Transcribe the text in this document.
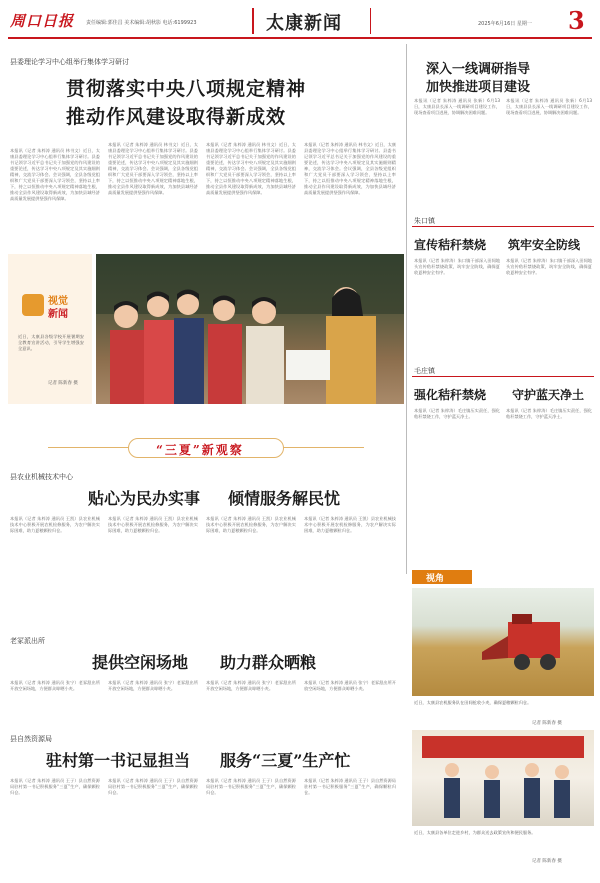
周口日报 责任编辑:郭佳昌 美术编辑:胡秋影 电话:6199923	太康新闻	2025年6月16日 星期一 3
县委理论学习中心组举行集体学习研讨
贯彻落实中央八项规定精神
推动作风建设取得新成效
本报讯（记者 朱梓涛 通讯员 林书文）近日，太康县委理论学习中心组举行集体学习研讨。县委书记领学习近平总书记关于加强党的作风建设的重要论述，传达学习中央八项规定及其实施细则精神，交流学习体会。会议强调，全县各级党组织和广大党员干部要深入学习领会，坚持以上率下，持之以恒推动中央八项规定精神落地生根，推动全县作风建设取得新成效，为加快县域经济高质量发展提供坚强作风保障。
本报讯（记者 朱梓涛 通讯员 林书文）近日，太康县委理论学习中心组举行集体学习研讨。县委书记领学习近平总书记关于加强党的作风建设的重要论述，传达学习中央八项规定及其实施细则精神，交流学习体会。会议强调，全县各级党组织和广大党员干部要深入学习领会，坚持以上率下，持之以恒推动中央八项规定精神落地生根，推动全县作风建设取得新成效，为加快县域经济高质量发展提供坚强作风保障。
本报讯（记者 朱梓涛 通讯员 林书文）近日，太康县委理论学习中心组举行集体学习研讨。县委书记领学习近平总书记关于加强党的作风建设的重要论述，传达学习中央八项规定及其实施细则精神，交流学习体会。会议强调，全县各级党组织和广大党员干部要深入学习领会，坚持以上率下，持之以恒推动中央八项规定精神落地生根，推动全县作风建设取得新成效，为加快县域经济高质量发展提供坚强作风保障。
本报讯（记者 朱梓涛 通讯员 林书文）近日，太康县委理论学习中心组举行集体学习研讨。县委书记领学习近平总书记关于加强党的作风建设的重要论述，传达学习中央八项规定及其实施细则精神，交流学习体会。会议强调，全县各级党组织和广大党员干部要深入学习领会，坚持以上率下，持之以恒推动中央八项规定精神落地生根，推动全县作风建设取得新成效，为加快县域经济高质量发展提供坚强作风保障。
深入一线调研指导
加快推进项目建设
本报讯（记者 朱梓涛 通讯员 张新）6月13日，太康县县长深入一线调研项目建设工作，现场查看项目进展，协调解决困难问题。
本报讯（记者 朱梓涛 通讯员 张新）6月13日，太康县县长深入一线调研项目建设工作，现场查看项目进展，协调解决困难问题。
朱口镇
宣传秸秆禁烧 筑牢安全防线
本报讯（记者 朱梓涛）朱口镇干部深入田间地头宣传秸秆禁烧政策，筑牢安全防线，确保夏收夏种安全有序。
本报讯（记者 朱梓涛）朱口镇干部深入田间地头宣传秸秆禁烧政策，筑牢安全防线，确保夏收夏种安全有序。
毛庄镇
强化秸秆禁烧 守护蓝天净土
本报讯（记者 朱梓涛）毛庄镇压实责任，强化秸秆禁烧工作，守护蓝天净土。
本报讯（记者 朱梓涛）毛庄镇压实责任，强化秸秆禁烧工作，守护蓝天净土。
视觉
新闻
近日，太康县各级学校开展暑期安全教育宣讲活动，引导学生增强安全意识。
记者 陈新春 摄
“三夏”新观察
县农业机械技术中心
贴心为民办实事 倾情服务解民忧
本报讯（记者 朱梓涛 通讯员 王凯）县农业机械技术中心积极开展农机检修服务，为农户解决实际困难，助力夏粮颗粒归仓。
本报讯（记者 朱梓涛 通讯员 王凯）县农业机械技术中心积极开展农机检修服务，为农户解决实际困难，助力夏粮颗粒归仓。
本报讯（记者 朱梓涛 通讯员 王凯）县农业机械技术中心积极开展农机检修服务，为农户解决实际困难，助力夏粮颗粒归仓。
本报讯（记者 朱梓涛 通讯员 王凯）县农业机械技术中心积极开展农机检修服务，为农户解决实际困难，助力夏粮颗粒归仓。
老冢派出所
提供空闲场地 助力群众晒粮
本报讯（记者 朱梓涛 通讯员 张宁）老冢派出所开放空闲场地，方便群众晾晒小麦。
本报讯（记者 朱梓涛 通讯员 张宁）老冢派出所开放空闲场地，方便群众晾晒小麦。
本报讯（记者 朱梓涛 通讯员 张宁）老冢派出所开放空闲场地，方便群众晾晒小麦。
本报讯（记者 朱梓涛 通讯员 张宁）老冢派出所开放空闲场地，方便群众晾晒小麦。
县自然资源局
驻村第一书记显担当 服务“三夏”生产忙
本报讯（记者 朱梓涛 通讯员 王子）县自然资源局驻村第一书记积极服务“三夏”生产，确保颗粒归仓。
本报讯（记者 朱梓涛 通讯员 王子）县自然资源局驻村第一书记积极服务“三夏”生产，确保颗粒归仓。
本报讯（记者 朱梓涛 通讯员 王子）县自然资源局驻村第一书记积极服务“三夏”生产，确保颗粒归仓。
本报讯（记者 朱梓涛 通讯员 王子）县自然资源局驻村第一书记积极服务“三夏”生产，确保颗粒归仓。
视角
近日，太康县农机服务队在田间抢收小麦，确保夏粮颗粒归仓。
记者 陈新春 摄
近日，太康县各单位走进乡村，为群众送去政策宣传和便民服务。
记者 陈新春 摄
